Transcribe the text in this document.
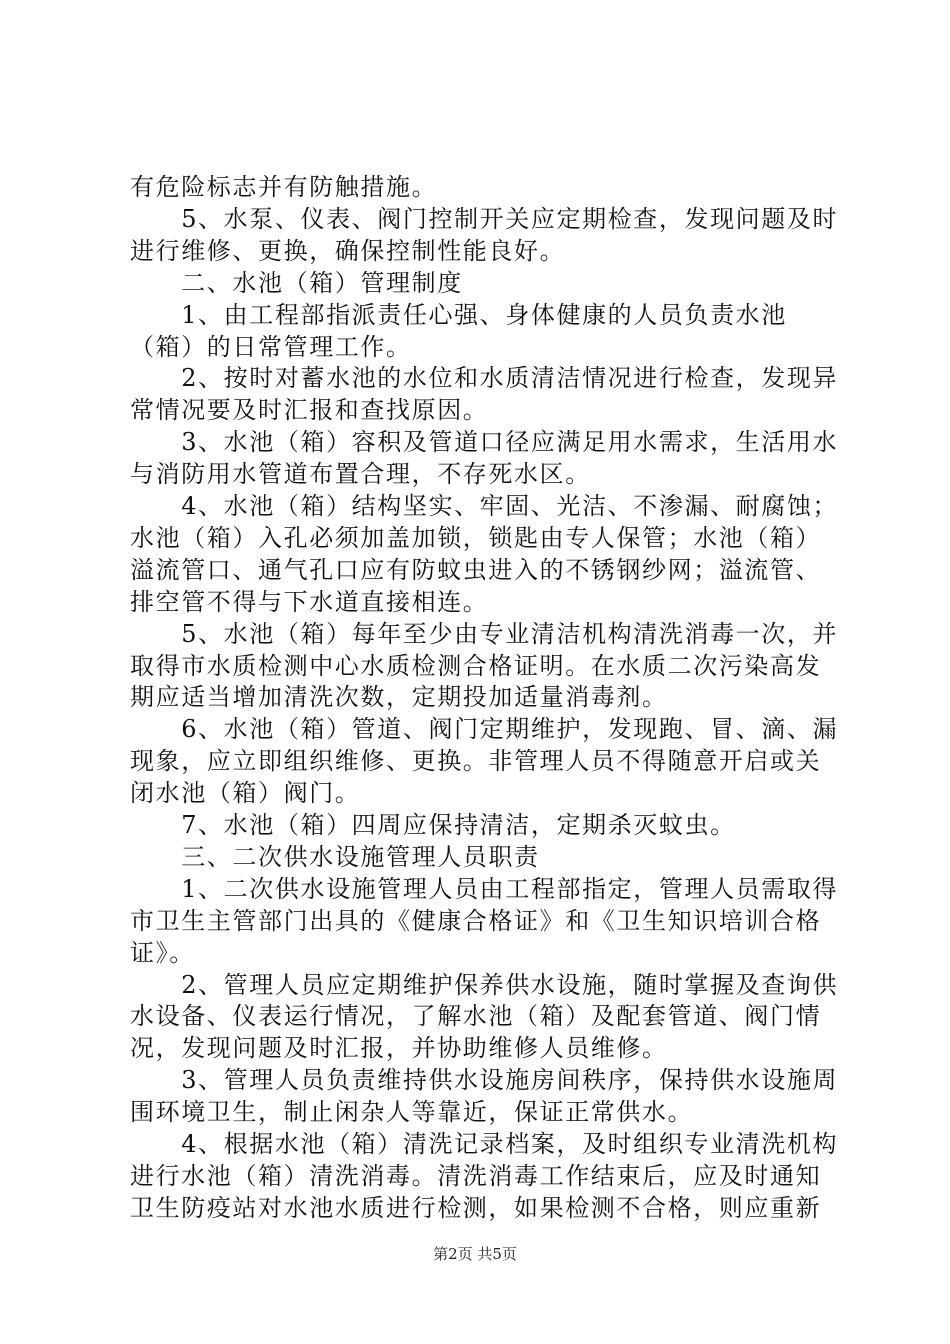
有危险标志并有防触措施。
　　5、水泵、仪表、阀门控制开关应定期检查，发现问题及时
进行维修、更换，确保控制性能良好。
　　二、水池（箱）管理制度
　　1、由工程部指派责任心强、身体健康的人员负责水池
（箱）的日常管理工作。
　　2、按时对蓄水池的水位和水质清洁情况进行检查，发现异
常情况要及时汇报和查找原因。
　　3、水池（箱）容积及管道口径应满足用水需求，生活用水
与消防用水管道布置合理，不存死水区。
　　4、水池（箱）结构坚实、牢固、光洁、不渗漏、耐腐蚀；
水池（箱）入孔必须加盖加锁，锁匙由专人保管；水池（箱）
溢流管口、通气孔口应有防蚊虫进入的不锈钢纱网；溢流管、
排空管不得与下水道直接相连。
　　5、水池（箱）每年至少由专业清洁机构清洗消毒一次，并
取得市水质检测中心水质检测合格证明。在水质二次污染高发
期应适当增加清洗次数，定期投加适量消毒剂。
　　6、水池（箱）管道、阀门定期维护，发现跑、冒、滴、漏
现象，应立即组织维修、更换。非管理人员不得随意开启或关
闭水池（箱）阀门。
　　7、水池（箱）四周应保持清洁，定期杀灭蚊虫。
　　三、二次供水设施管理人员职责
　　1、二次供水设施管理人员由工程部指定，管理人员需取得
市卫生主管部门出具的《健康合格证》和《卫生知识培训合格
证》。
　　2、管理人员应定期维护保养供水设施，随时掌握及查询供
水设备、仪表运行情况，了解水池（箱）及配套管道、阀门情
况，发现问题及时汇报，并协助维修人员维修。
　　3、管理人员负责维持供水设施房间秩序，保持供水设施周
围环境卫生，制止闲杂人等靠近，保证正常供水。
　　4、根据水池（箱）清洗记录档案，及时组织专业清洗机构
进行水池（箱）清洗消毒。清洗消毒工作结束后，应及时通知
卫生防疫站对水池水质进行检测，如果检测不合格，则应重新
第2页 共5页
